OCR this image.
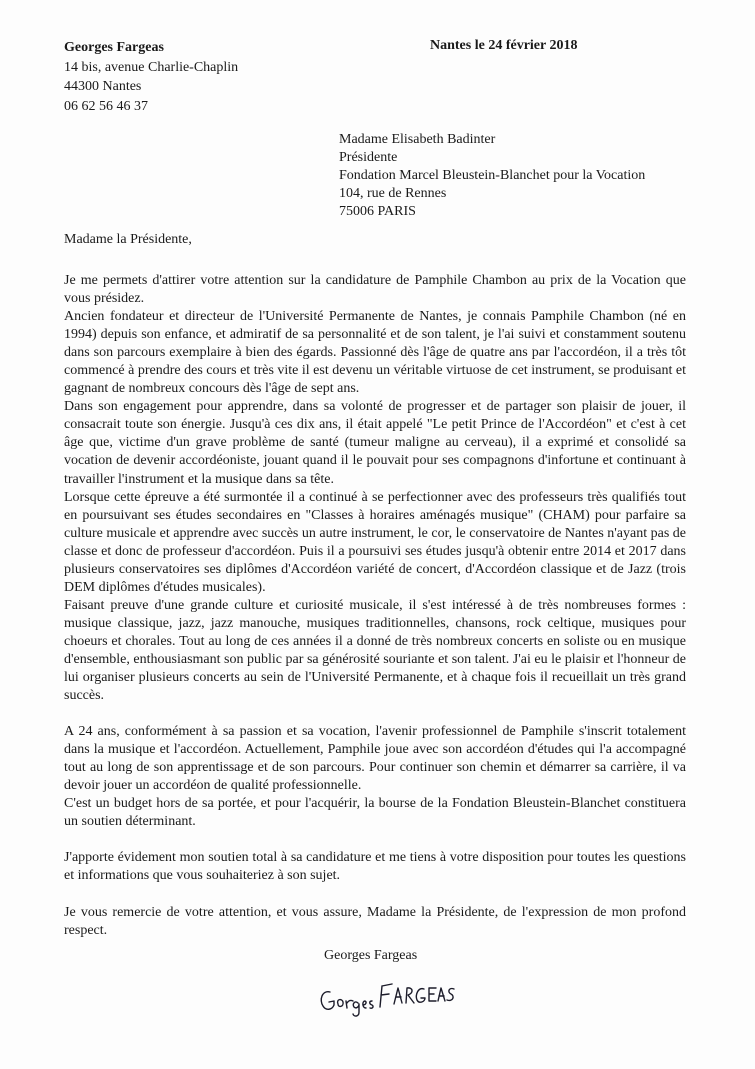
Georges Fargeas
14 bis, avenue Charlie-Chaplin
44300 Nantes
06 62 56 46 37
Nantes le 24 février 2018
Madame Elisabeth Badinter
Présidente
Fondation Marcel Bleustein-Blanchet pour la Vocation
104, rue de Rennes
75006 PARIS
Madame la Présidente,

Je me permets d'attirer votre attention sur la candidature de Pamphile Chambon au prix de la Vocation que vous présidez.

Ancien fondateur et directeur de l'Université Permanente de Nantes, je connais Pamphile Chambon (né en 1994) depuis son enfance, et admiratif de sa personnalité et de son talent, je l'ai suivi et constamment soutenu dans son parcours exemplaire à bien des égards. Passionné dès l'âge de quatre ans par l'accordéon, il a très tôt commencé à prendre des cours et très vite il est devenu un véritable virtuose de cet instrument, se produisant et gagnant de nombreux concours dès l'âge de sept ans.

Dans son engagement pour apprendre, dans sa volonté de progresser et de partager son plaisir de jouer, il consacrait toute son énergie. Jusqu'à ces dix ans, il était appelé "Le petit Prince de l'Accordéon" et c'est à cet âge que, victime d'un grave problème de santé (tumeur maligne au cerveau), il a exprimé et consolidé sa vocation de devenir accordéoniste, jouant quand il le pouvait pour ses compagnons d'infortune et continuant à travailler l'instrument et la musique dans sa tête.

Lorsque cette épreuve a été surmontée il a continué à se perfectionner avec des professeurs très qualifiés tout en poursuivant ses études secondaires en "Classes à horaires aménagés musique" (CHAM) pour parfaire sa culture musicale et apprendre avec succès un autre instrument, le cor, le conservatoire de Nantes n'ayant pas de classe et donc de professeur d'accordéon. Puis il a poursuivi ses études jusqu'à obtenir entre 2014 et 2017 dans plusieurs conservatoires ses diplômes d'Accordéon variété de concert, d'Accordéon classique et de Jazz (trois DEM diplômes d'études musicales).

Faisant preuve d'une grande culture et curiosité musicale, il s'est intéressé à de très nombreuses formes : musique classique, jazz, jazz manouche, musiques traditionnelles, chansons, rock celtique, musiques pour choeurs et chorales. Tout au long de ces années il a donné de très nombreux concerts en soliste ou en musique d'ensemble, enthousiasmant son public par sa générosité souriante et son talent. J'ai eu le plaisir et l'honneur de lui organiser plusieurs concerts au sein de l'Université Permanente, et à chaque fois il recueillait un très grand succès.

A 24 ans, conformément à sa passion et sa vocation, l'avenir professionnel de Pamphile s'inscrit totalement dans la musique et l'accordéon. Actuellement, Pamphile joue avec son accordéon d'études qui l'a accompagné tout au long de son apprentissage et de son parcours. Pour continuer son chemin et démarrer sa carrière, il va devoir jouer un accordéon de qualité professionnelle.

C'est un budget hors de sa portée, et pour l'acquérir, la bourse de la Fondation Bleustein-Blanchet constituera un soutien déterminant.

J'apporte évidement mon soutien total à sa candidature et me tiens à votre disposition pour toutes les questions et informations que vous souhaiteriez à son sujet.

Je vous remercie de votre attention, et vous assure, Madame la Présidente, de l'expression de mon profond respect.

Georges Fargeas
